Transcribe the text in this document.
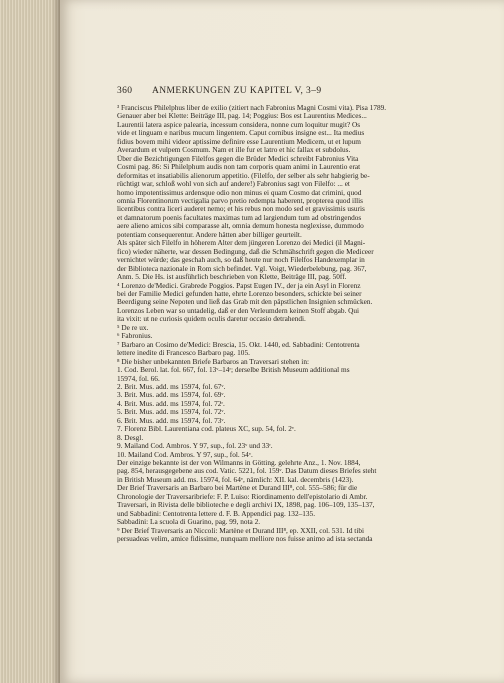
360 ANMERKUNGEN ZU KAPITEL V, 3–9
³ Franciscus Philelphus liber de exilio (zitiert nach Fabronius Magni Cosmi vita). Pisa 1789.
Genauer aber bei Klette: Beiträge III, pag. 14; Poggius: Bos est Laurentius Medices...
Laurentii latera aspice palearia, incessum considera, nonne cum loquitur mugit? Os
vide et linguam e naribus mucum lingentem. Caput cornibus insigne est... Ita medius
fidius bovem mihi videor aptissime definire esse Laurentium Medicem, ut et lupum
Averardum et vulpem Cosmum. Nam et ille fur et latro et hic fallax et subdolus.
Über die Bezichtigungen Filelfos gegen die Brüder Medici schreibt Fabronius Vita
Cosmi pag. 86: Si Philelphum audis non tam corporis quam animi in Laurentio erat
deformitas et insatiabilis alienorum appetitio. (Filelfo, der selber als sehr habgierig be-
rüchtigt war, schloß wohl von sich auf andere!) Fabronius sagt von Filelfo: ... et
homo impotentissimus ardensque odio non minus ei quam Cosmo dat crimini, quod
omnia Florentinorum vectigalia parvo pretio redempta haberent, propterea quod illis
licentibus contra liceri auderet nemo; et his rebus non modo sed et gravissimis usuris
et damnatorum poenis facultates maximas tum ad largiendum tum ad obstringendos
aere alieno amicos sibi comparasse alt, omnia demum honesta neglexisse, dummodo
potentiam consequerentur. Andere hätten aber billiger geurteilt.
Als später sich Filelfo in höherem Alter dem jüngeren Lorenzo dei Medici (il Magni-
fico) wieder näherte, war dessen Bedingung, daß die Schmähschrift gegen die Mediceer
vernichtet würde; das geschah auch, so daß heute nur noch Filelfos Handexemplar in
der Biblioteca nazionale in Rom sich befindet. Vgl. Voigt, Wiederbelebung, pag. 367,
Anm. 5. Die Hs. ist ausführlich beschrieben von Klette, Beiträge III, pag. 50ff.
⁴ Lorenzo de'Medici. Grabrede Poggios. Papst Eugen IV., der ja ein Asyl in Florenz
bei der Familie Medici gefunden hatte, ehrte Lorenzo besonders, schickte bei seiner
Beerdigung seine Nepoten und ließ das Grab mit den päpstlichen Insignien schmücken.
Lorenzos Leben war so untadelig, daß er den Verleumdern keinen Stoff abgab. Qui
ita vixit: ut ne curiosis quidem oculis daretur occasio detrahendi.
⁵ De re ux.
⁶ Fabronius.
⁷ Barbaro an Cosimo de'Medici: Brescia, 15. Okt. 1440, ed. Sabbadini: Centotrenta
lettere inedite di Francesco Barbaro pag. 105.
⁸ Die bisher unbekannten Briefe Barbaros an Traversari stehen in:
1. Cod. Berol. lat. fol. 667, fol. 13ᵛ–14ʳ; derselbe British Museum additional ms
15974, fol. 66.
2. Brit. Mus. add. ms 15974, fol. 67ᵛ.
3. Brit. Mus. add. ms 15974, fol. 69ᵛ.
4. Brit. Mus. add. ms 15974, fol. 72ʳ.
5. Brit. Mus. add. ms 15974, fol. 72ᵛ.
6. Brit. Mus. add. ms 15974, fol. 73ᵛ.
7. Florenz Bibl. Laurentiana cod. plateus XC, sup. 54, fol. 2ᵛ.
8. Desgl.
9. Mailand Cod. Ambros. Y 97, sup., fol. 23ᵛ und 33ʳ.
10. Mailand Cod. Ambros. Y 97, sup., fol. 54ᵛ.
Der einzige bekannte ist der von Wilmanns in Götting. gelehrte Anz., 1. Nov. 1884,
pag. 854, herausgegebene aus cod. Vatic. 5221, fol. 159ᵛ. Das Datum dieses Briefes steht
in British Museum add. ms. 15974, fol. 64ᵛ, nämlich: XII. kal. decembris (1423).
Der Brief Traversaris an Barbaro bei Martène et Durand III⁸, col. 555–586; für die
Chronologie der Traversaribriefe: F. P. Luiso: Riordinamento dell'epistolario di Ambr.
Traversari, in Rivista delle biblioteche e degli archivi IX, 1898, pag. 106–109, 135–137,
und Sabbadini: Centotrenta lettere d. F. B. Appendici pag. 132–135.
Sabbadini: La scuola di Guarino, pag. 99, nota 2.
⁹ Der Brief Traversaris an Niccoli: Martène et Durand III⁸, ep. XXII, col. 531. Id tibi
persuadeas velim, amice fidissime, nunquam melliore nos fuisse animo ad ista sectanda
